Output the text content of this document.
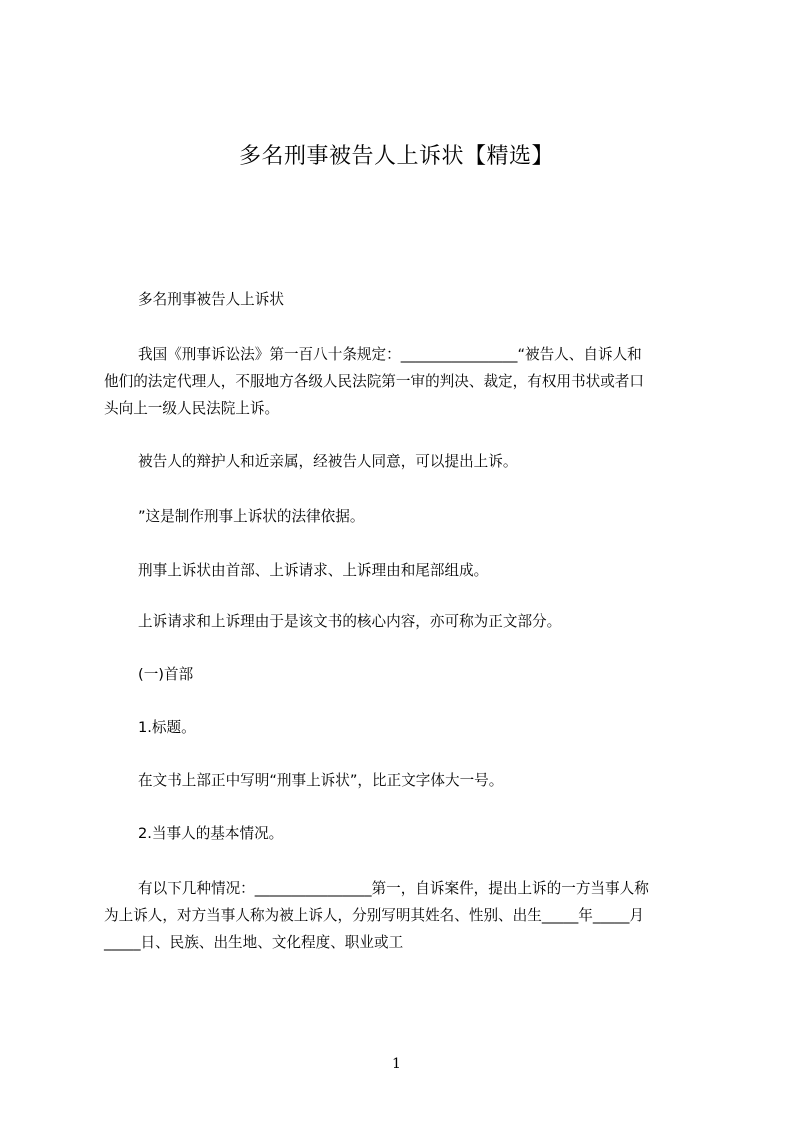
多名刑事被告人上诉状【精选】
多名刑事被告人上诉状
我国《刑事诉讼法》第一百八十条规定：________________“被告人、自诉人和
他们的法定代理人，不服地方各级人民法院第一审的判决、裁定，有权用书状或者口
头向上一级人民法院上诉。
被告人的辩护人和近亲属，经被告人同意，可以提出上诉。
”这是制作刑事上诉状的法律依据。
刑事上诉状由首部、上诉请求、上诉理由和尾部组成。
上诉请求和上诉理由于是该文书的核心内容，亦可称为正文部分。
(一)首部
1.标题。
在文书上部正中写明“刑事上诉状”，比正文字体大一号。
2.当事人的基本情况。
有以下几种情况：________________第一，自诉案件，提出上诉的一方当事人称
为上诉人，对方当事人称为被上诉人，分别写明其姓名、性别、出生_____年_____月
_____日、民族、出生地、文化程度、职业或工
1
